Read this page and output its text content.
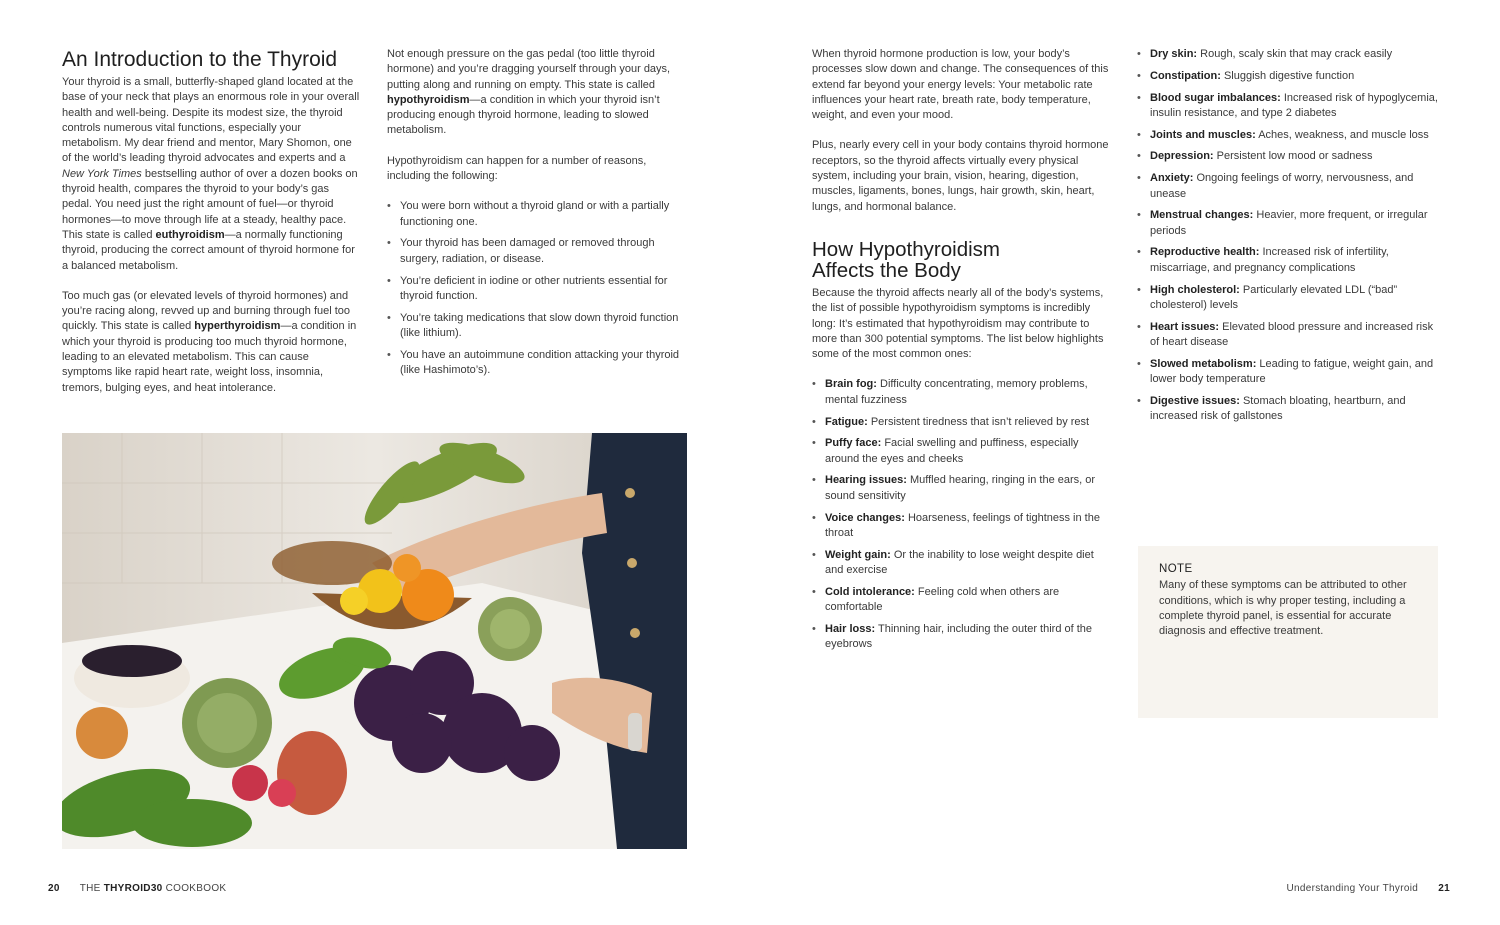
An Introduction to the Thyroid

Your thyroid is a small, butterfly-shaped gland located at the base of your neck that plays an enormous role in your overall health and well-being. Despite its modest size, the thyroid controls numerous vital functions, especially your metabolism. My dear friend and mentor, Mary Shomon, one of the world’s leading thyroid advocates and experts and a New York Times bestselling author of over a dozen books on thyroid health, compares the thyroid to your body’s gas pedal. You need just the right amount of fuel—or thyroid hormones—to move through life at a steady, healthy pace. This state is called euthyroidism—a normally functioning thyroid, producing the correct amount of thyroid hormone for a balanced metabolism.

Too much gas (or elevated levels of thyroid hormones) and you’re racing along, revved up and burning through fuel too quickly. This state is called hyperthyroidism—a condition in which your thyroid is producing too much thyroid hormone, leading to an elevated metabolism. This can cause symptoms like rapid heart rate, weight loss, insomnia, tremors, bulging eyes, and heat intolerance.

Not enough pressure on the gas pedal (too little thyroid hormone) and you’re dragging yourself through your days, putting along and running on empty. This state is called hypothyroidism—a condition in which your thyroid isn’t producing enough thyroid hormone, leading to slowed metabolism.

Hypothyroidism can happen for a number of reasons, including the following:

• You were born without a thyroid gland or with a partially functioning one.
• Your thyroid has been damaged or removed through surgery, radiation, or disease.
• You’re deficient in iodine or other nutrients essential for thyroid function.
• You’re taking medications that slow down thyroid function (like lithium).
• You have an autoimmune condition attacking your thyroid (like Hashimoto’s).

When thyroid hormone production is low, your body’s processes slow down and change. The consequences of this extend far beyond your energy levels: Your metabolic rate influences your heart rate, breath rate, body temperature, weight, and even your mood.

Plus, nearly every cell in your body contains thyroid hormone receptors, so the thyroid affects virtually every physical system, including your brain, vision, hearing, digestion, muscles, ligaments, bones, lungs, hair growth, skin, heart, lungs, and hormonal balance.

How Hypothyroidism
Affects the Body

Because the thyroid affects nearly all of the body’s systems, the list of possible hypothyroidism symptoms is incredibly long: It’s estimated that hypothyroidism may contribute to more than 300 potential symptoms. The list below highlights some of the most common ones:

• Brain fog: Difficulty concentrating, memory problems, mental fuzziness
• Fatigue: Persistent tiredness that isn’t relieved by rest
• Puffy face: Facial swelling and puffiness, especially around the eyes and cheeks
• Hearing issues: Muffled hearing, ringing in the ears, or sound sensitivity
• Voice changes: Hoarseness, feelings of tightness in the throat
• Weight gain: Or the inability to lose weight despite diet and exercise
• Cold intolerance: Feeling cold when others are comfortable
• Hair loss: Thinning hair, including the outer third of the eyebrows
• Dry skin: Rough, scaly skin that may crack easily
• Constipation: Sluggish digestive function
• Blood sugar imbalances: Increased risk of hypoglycemia, insulin resistance, and type 2 diabetes
• Joints and muscles: Aches, weakness, and muscle loss
• Depression: Persistent low mood or sadness
• Anxiety: Ongoing feelings of worry, nervousness, and unease
• Menstrual changes: Heavier, more frequent, or irregular periods
• Reproductive health: Increased risk of infertility, miscarriage, and pregnancy complications
• High cholesterol: Particularly elevated LDL (“bad” cholesterol) levels
• Heart issues: Elevated blood pressure and increased risk of heart disease
• Slowed metabolism: Leading to fatigue, weight gain, and lower body temperature
• Digestive issues: Stomach bloating, heartburn, and increased risk of gallstones
NOTE
Many of these symptoms can be attributed to other conditions, which is why proper testing, including a complete thyroid panel, is essential for accurate diagnosis and effective treatment.
20 THE THYROID30 COOKBOOK	Understanding Your Thyroid 21
